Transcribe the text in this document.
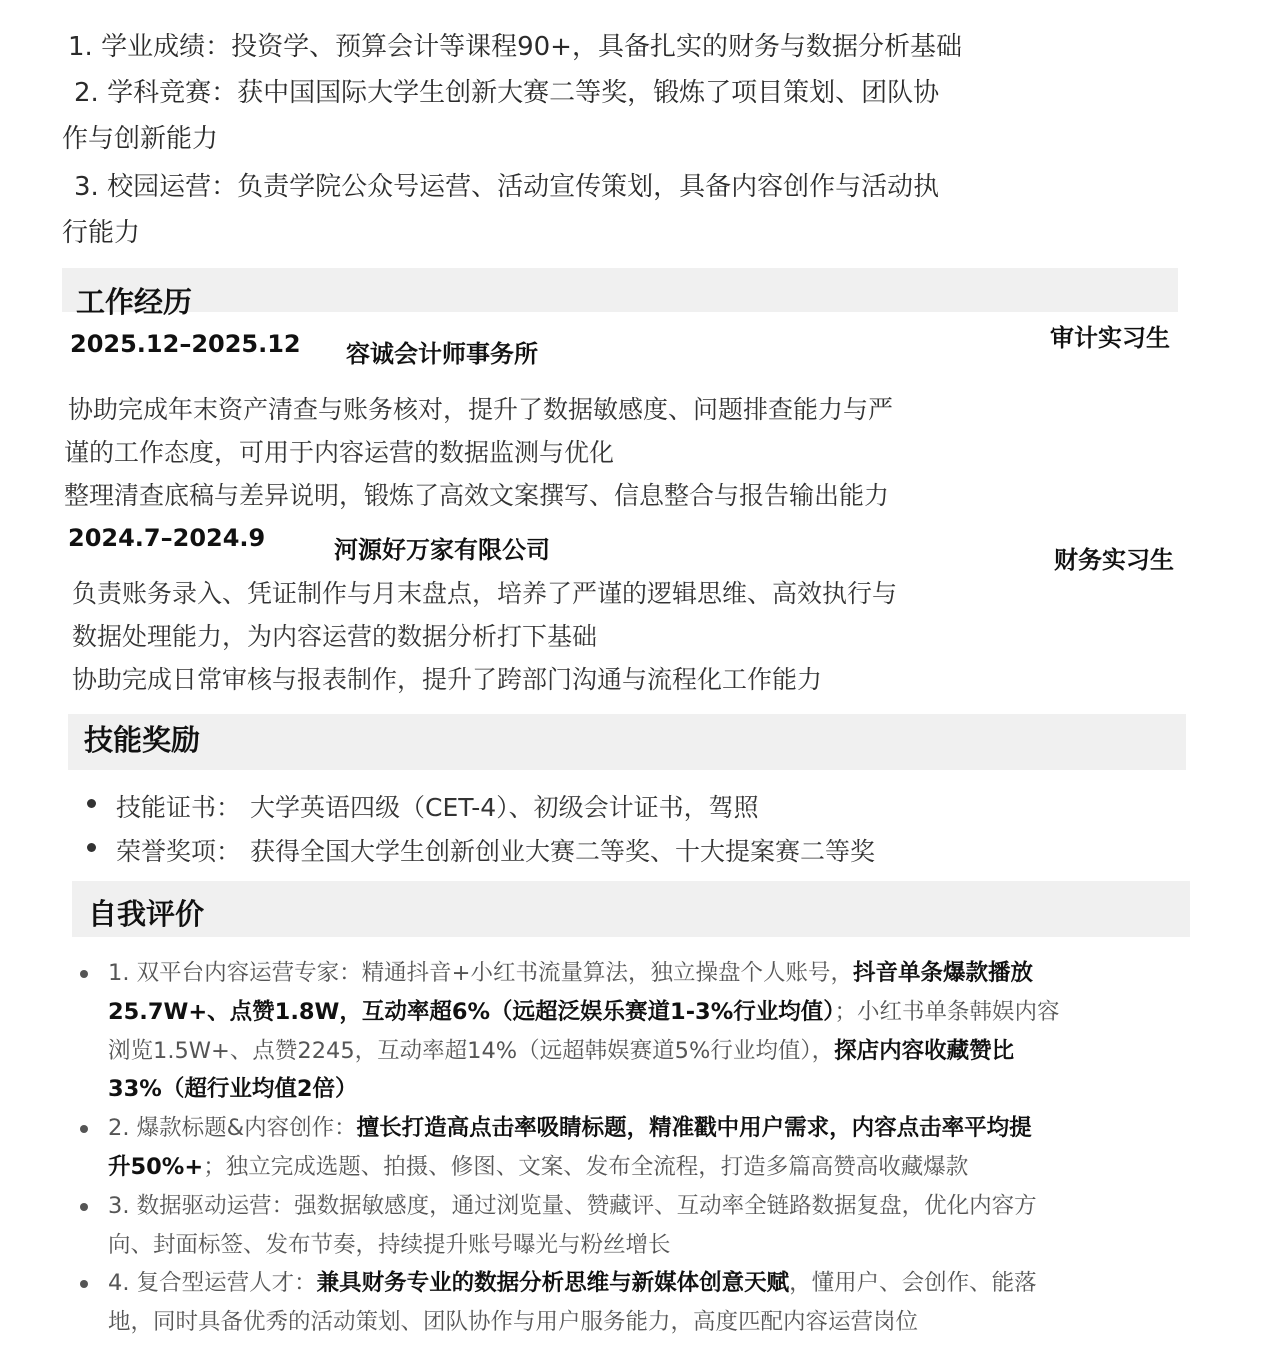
1. 学业成绩：投资学、预算会计等课程90+，具备扎实的财务与数据分析基础
2. 学科竞赛：获中国国际大学生创新大赛二等奖，锻炼了项目策划、团队协
作与创新能力
3. 校园运营：负责学院公众号运营、活动宣传策划，具备内容创作与活动执
行能力
工作经历
2025.12–2025.12 容诚会计师事务所
审计实习生
协助完成年末资产清查与账务核对，提升了数据敏感度、问题排查能力与严
谨的工作态度，可用于内容运营的数据监测与优化
整理清查底稿与差异说明，锻炼了高效文案撰写、信息整合与报告输出能力
2024.7–2024.9	河源好万家有限公司	财务实习生
负责账务录入、凭证制作与月末盘点，培养了严谨的逻辑思维、高效执行与
数据处理能力，为内容运营的数据分析打下基础
协助完成日常审核与报表制作，提升了跨部门沟通与流程化工作能力
技能奖励
技能证书： 大学英语四级（CET-4）、初级会计证书，驾照
荣誉奖项： 获得全国大学生创新创业大赛二等奖、十大提案赛二等奖
自我评价
1. 双平台内容运营专家：精通抖音+小红书流量算法，独立操盘个人账号，抖音单条爆款播放
25.7W+、点赞1.8W，互动率超6%（远超泛娱乐赛道1-3%行业均值）；小红书单条韩娱内容
浏览1.5W+、点赞2245，互动率超14%（远超韩娱赛道5%行业均值），探店内容收藏赞比
33%（超行业均值2倍）
2. 爆款标题&内容创作：擅长打造高点击率吸睛标题，精准戳中用户需求，内容点击率平均提
升50%+；独立完成选题、拍摄、修图、文案、发布全流程，打造多篇高赞高收藏爆款
3. 数据驱动运营：强数据敏感度，通过浏览量、赞藏评、互动率全链路数据复盘，优化内容方
向、封面标签、发布节奏，持续提升账号曝光与粉丝增长
4. 复合型运营人才：兼具财务专业的数据分析思维与新媒体创意天赋，懂用户、会创作、能落
地，同时具备优秀的活动策划、团队协作与用户服务能力，高度匹配内容运营岗位
